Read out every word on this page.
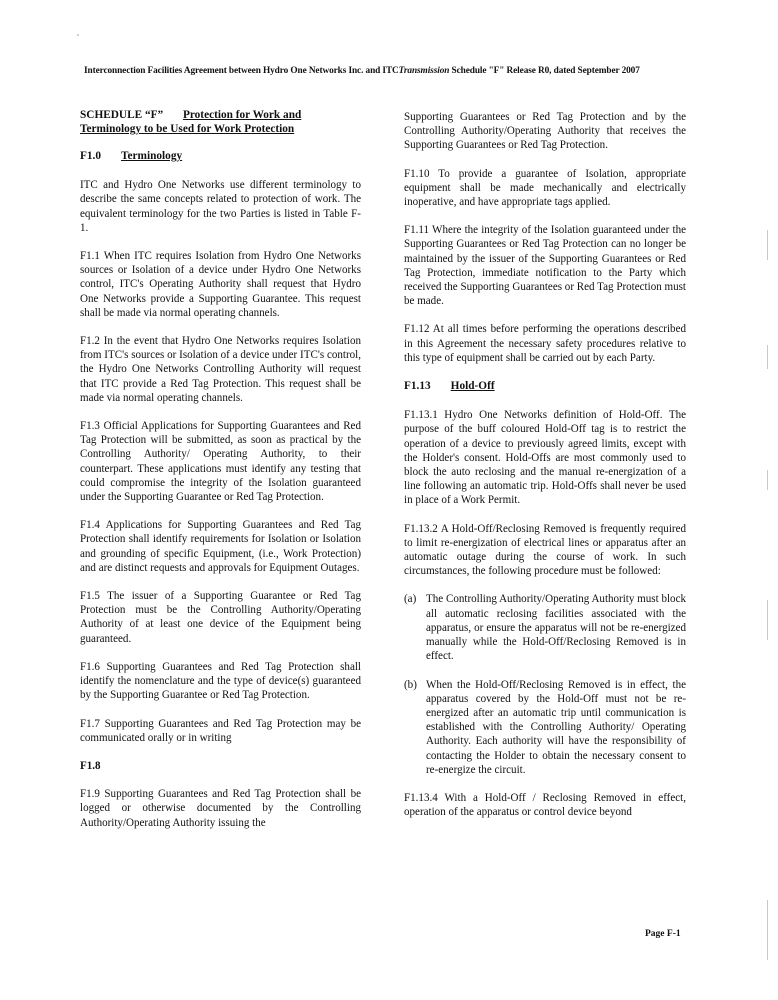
Interconnection Facilities Agreement between Hydro One Networks Inc. and ITCTransmission Schedule "F" Release R0, dated September 2007

SCHEDULE “F” Protection for Work and Terminology to be Used for Work Protection

F1.0 Terminology

ITC and Hydro One Networks use different terminology to describe the same concepts related to protection of work. The equivalent terminology for the two Parties is listed in Table F-1.

F1.1 When ITC requires Isolation from Hydro One Networks sources or Isolation of a device under Hydro One Networks control, ITC's Operating Authority shall request that Hydro One Networks provide a Supporting Guarantee. This request shall be made via normal operating channels.

F1.2 In the event that Hydro One Networks requires Isolation from ITC's sources or Isolation of a device under ITC's control, the Hydro One Networks Controlling Authority will request that ITC provide a Red Tag Protection. This request shall be made via normal operating channels.

F1.3 Official Applications for Supporting Guarantees and Red Tag Protection will be submitted, as soon as practical by the Controlling Authority/ Operating Authority, to their counterpart. These applications must identify any testing that could compromise the integrity of the Isolation guaranteed under the Supporting Guarantee or Red Tag Protection.

F1.4 Applications for Supporting Guarantees and Red Tag Protection shall identify requirements for Isolation or Isolation and grounding of specific Equipment, (i.e., Work Protection) and are distinct requests and approvals for Equipment Outages.

F1.5 The issuer of a Supporting Guarantee or Red Tag Protection must be the Controlling Authority/Operating Authority of at least one device of the Equipment being guaranteed.

F1.6 Supporting Guarantees and Red Tag Protection shall identify the nomenclature and the type of device(s) guaranteed by the Supporting Guarantee or Red Tag Protection.

F1.7 Supporting Guarantees and Red Tag Protection may be communicated orally or in writing

F1.8

F1.9 Supporting Guarantees and Red Tag Protection shall be logged or otherwise documented by the Controlling Authority/Operating Authority issuing the

Supporting Guarantees or Red Tag Protection and by the Controlling Authority/Operating Authority that receives the Supporting Guarantees or Red Tag Protection.

F1.10 To provide a guarantee of Isolation, appropriate equipment shall be made mechanically and electrically inoperative, and have appropriate tags applied.

F1.11 Where the integrity of the Isolation guaranteed under the Supporting Guarantees or Red Tag Protection can no longer be maintained by the issuer of the Supporting Guarantees or Red Tag Protection, immediate notification to the Party which received the Supporting Guarantees or Red Tag Protection must be made.

F1.12 At all times before performing the operations described in this Agreement the necessary safety procedures relative to this type of equipment shall be carried out by each Party.

F1.13 Hold-Off

F1.13.1 Hydro One Networks definition of Hold-Off. The purpose of the buff coloured Hold-Off tag is to restrict the operation of a device to previously agreed limits, except with the Holder's consent. Hold-Offs are most commonly used to block the auto reclosing and the manual re-energization of a line following an automatic trip. Hold-Offs shall never be used in place of a Work Permit.

F1.13.2 A Hold-Off/Reclosing Removed is frequently required to limit re-energization of electrical lines or apparatus after an automatic outage during the course of work. In such circumstances, the following procedure must be followed:

(a) The Controlling Authority/Operating Authority must block all automatic reclosing facilities associated with the apparatus, or ensure the apparatus will not be re-energized manually while the Hold-Off/Reclosing Removed is in effect.
(b) When the Hold-Off/Reclosing Removed is in effect, the apparatus covered by the Hold-Off must not be re-energized after an automatic trip until communication is established with the Controlling Authority/ Operating Authority. Each authority will have the responsibility of contacting the Holder to obtain the necessary consent to re-energize the circuit.

F1.13.4 With a Hold-Off / Reclosing Removed in effect, operation of the apparatus or control device beyond

Page F-1
